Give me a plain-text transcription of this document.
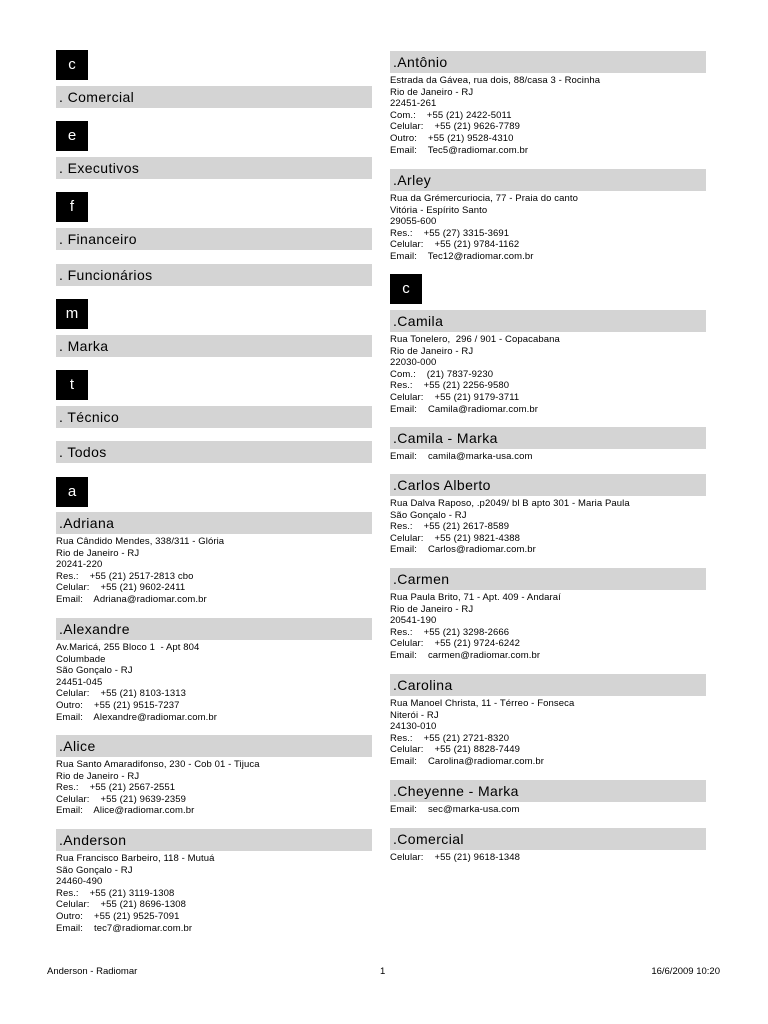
c
. Comercial
e
. Executivos
f
. Financeiro
. Funcionários
m
. Marka
t
. Técnico
. Todos
a
.Adriana
Rua Cândido Mendes, 338/311 - Glória
Rio de Janeiro - RJ
20241-220
Res.:    +55 (21) 2517-2813 cbo
Celular:    +55 (21) 9602-2411
Email:    Adriana@radiomar.com.br
.Alexandre
Av.Maricá, 255 Bloco 1  - Apt 804
Columbade
São Gonçalo - RJ
24451-045
Celular:    +55 (21) 8103-1313
Outro:    +55 (21) 9515-7237
Email:    Alexandre@radiomar.com.br
.Alice
Rua Santo Amaradifonso, 230 - Cob 01 - Tijuca
Rio de Janeiro - RJ
Res.:    +55 (21) 2567-2551
Celular:    +55 (21) 9639-2359
Email:    Alice@radiomar.com.br
.Anderson
Rua Francisco Barbeiro, 118 - Mutuá
São Gonçalo - RJ
24460-490
Res.:    +55 (21) 3119-1308
Celular:    +55 (21) 8696-1308
Outro:    +55 (21) 9525-7091
Email:    tec7@radiomar.com.br
.Antônio
Estrada da Gávea, rua dois, 88/casa 3 - Rocinha
Rio de Janeiro - RJ
22451-261
Com.:    +55 (21) 2422-5011
Celular:    +55 (21) 9626-7789
Outro:    +55 (21) 9528-4310
Email:    Tec5@radiomar.com.br
.Arley
Rua da Grémercuriocia, 77 - Praia do canto
Vitória - Espírito Santo
29055-600
Res.:    +55 (27) 3315-3691
Celular:    +55 (21) 9784-1162
Email:    Tec12@radiomar.com.br
c
.Camila
Rua Tonelero,  296 / 901 - Copacabana
Rio de Janeiro - RJ
22030-000
Com.:    (21) 7837-9230
Res.:    +55 (21) 2256-9580
Celular:    +55 (21) 9179-3711
Email:    Camila@radiomar.com.br
.Camila - Marka
Email:    camila@marka-usa.com
.Carlos Alberto
Rua Dalva Raposo, .p2049/ bl B apto 301 - Maria Paula
São Gonçalo - RJ
Res.:    +55 (21) 2617-8589
Celular:    +55 (21) 9821-4388
Email:    Carlos@radiomar.com.br
.Carmen
Rua Paula Brito, 71 - Apt. 409 - Andaraí
Rio de Janeiro - RJ
20541-190
Res.:    +55 (21) 3298-2666
Celular:    +55 (21) 9724-6242
Email:    carmen@radiomar.com.br
.Carolina
Rua Manoel Christa, 11 - Térreo - Fonseca
Niterói - RJ
24130-010
Res.:    +55 (21) 2721-8320
Celular:    +55 (21) 8828-7449
Email:    Carolina@radiomar.com.br
.Cheyenne - Marka
Email:    sec@marka-usa.com
.Comercial
Celular:    +55 (21) 9618-1348
Anderson - Radiomar	1	16/6/2009 10:20
